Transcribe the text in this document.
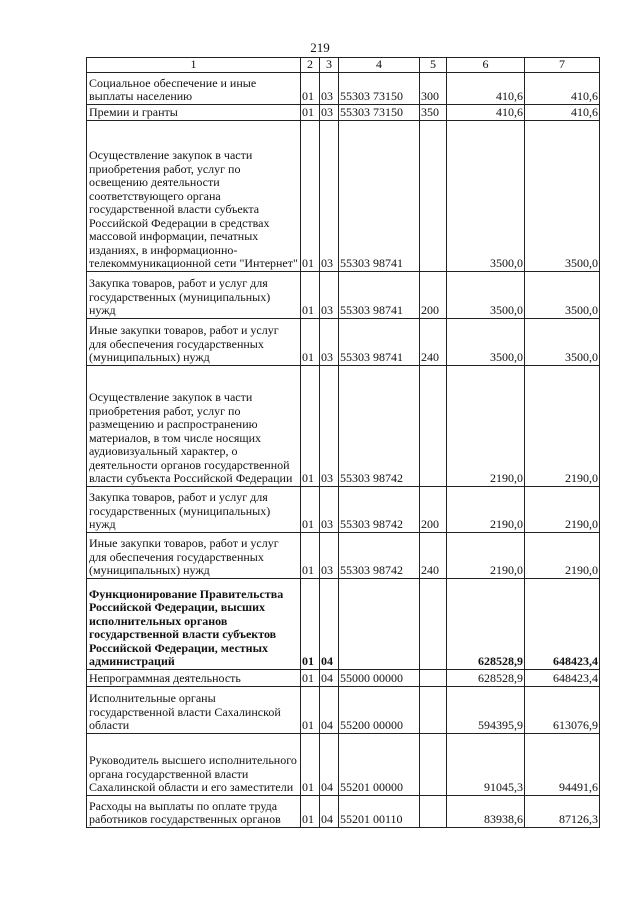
219
1	2	3	4	5	6	7
Социальное обеспечение и иные выплаты населению	01	03	55303 73150	300	410,6	410,6
Премии и гранты	01	03	55303 73150	350	410,6	410,6
Осуществление закупок в части приобретения работ, услуг по освещению деятельности соответствующего органа государственной власти субъекта Российской Федерации в средствах массовой информации, печатных изданиях, в информационно-телекоммуникационной сети "Интернет"	01	03	55303 98741		3500,0	3500,0
Закупка товаров, работ и услуг для государственных (муниципальных) нужд	01	03	55303 98741	200	3500,0	3500,0
Иные закупки товаров, работ и услуг для обеспечения государственных (муниципальных) нужд	01	03	55303 98741	240	3500,0	3500,0
Осуществление закупок в части приобретения работ, услуг по размещению и распространению материалов, в том числе носящих аудиовизуальный характер, о деятельности органов государственной власти субъекта Российской Федерации	01	03	55303 98742		2190,0	2190,0
Закупка товаров, работ и услуг для государственных (муниципальных) нужд	01	03	55303 98742	200	2190,0	2190,0
Иные закупки товаров, работ и услуг для обеспечения государственных (муниципальных) нужд	01	03	55303 98742	240	2190,0	2190,0
Функционирование Правительства Российской Федерации, высших исполнительных органов государственной власти субъектов Российской Федерации, местных администраций	01	04			628528,9	648423,4
Непрограммная деятельность	01	04	55000 00000		628528,9	648423,4
Исполнительные органы государственной власти Сахалинской области	01	04	55200 00000		594395,9	613076,9
Руководитель высшего исполнительного органа государственной власти Сахалинской области и его заместители	01	04	55201 00000		91045,3	94491,6
Расходы на выплаты по оплате труда работников государственных органов	01	04	55201 00110		83938,6	87126,3
